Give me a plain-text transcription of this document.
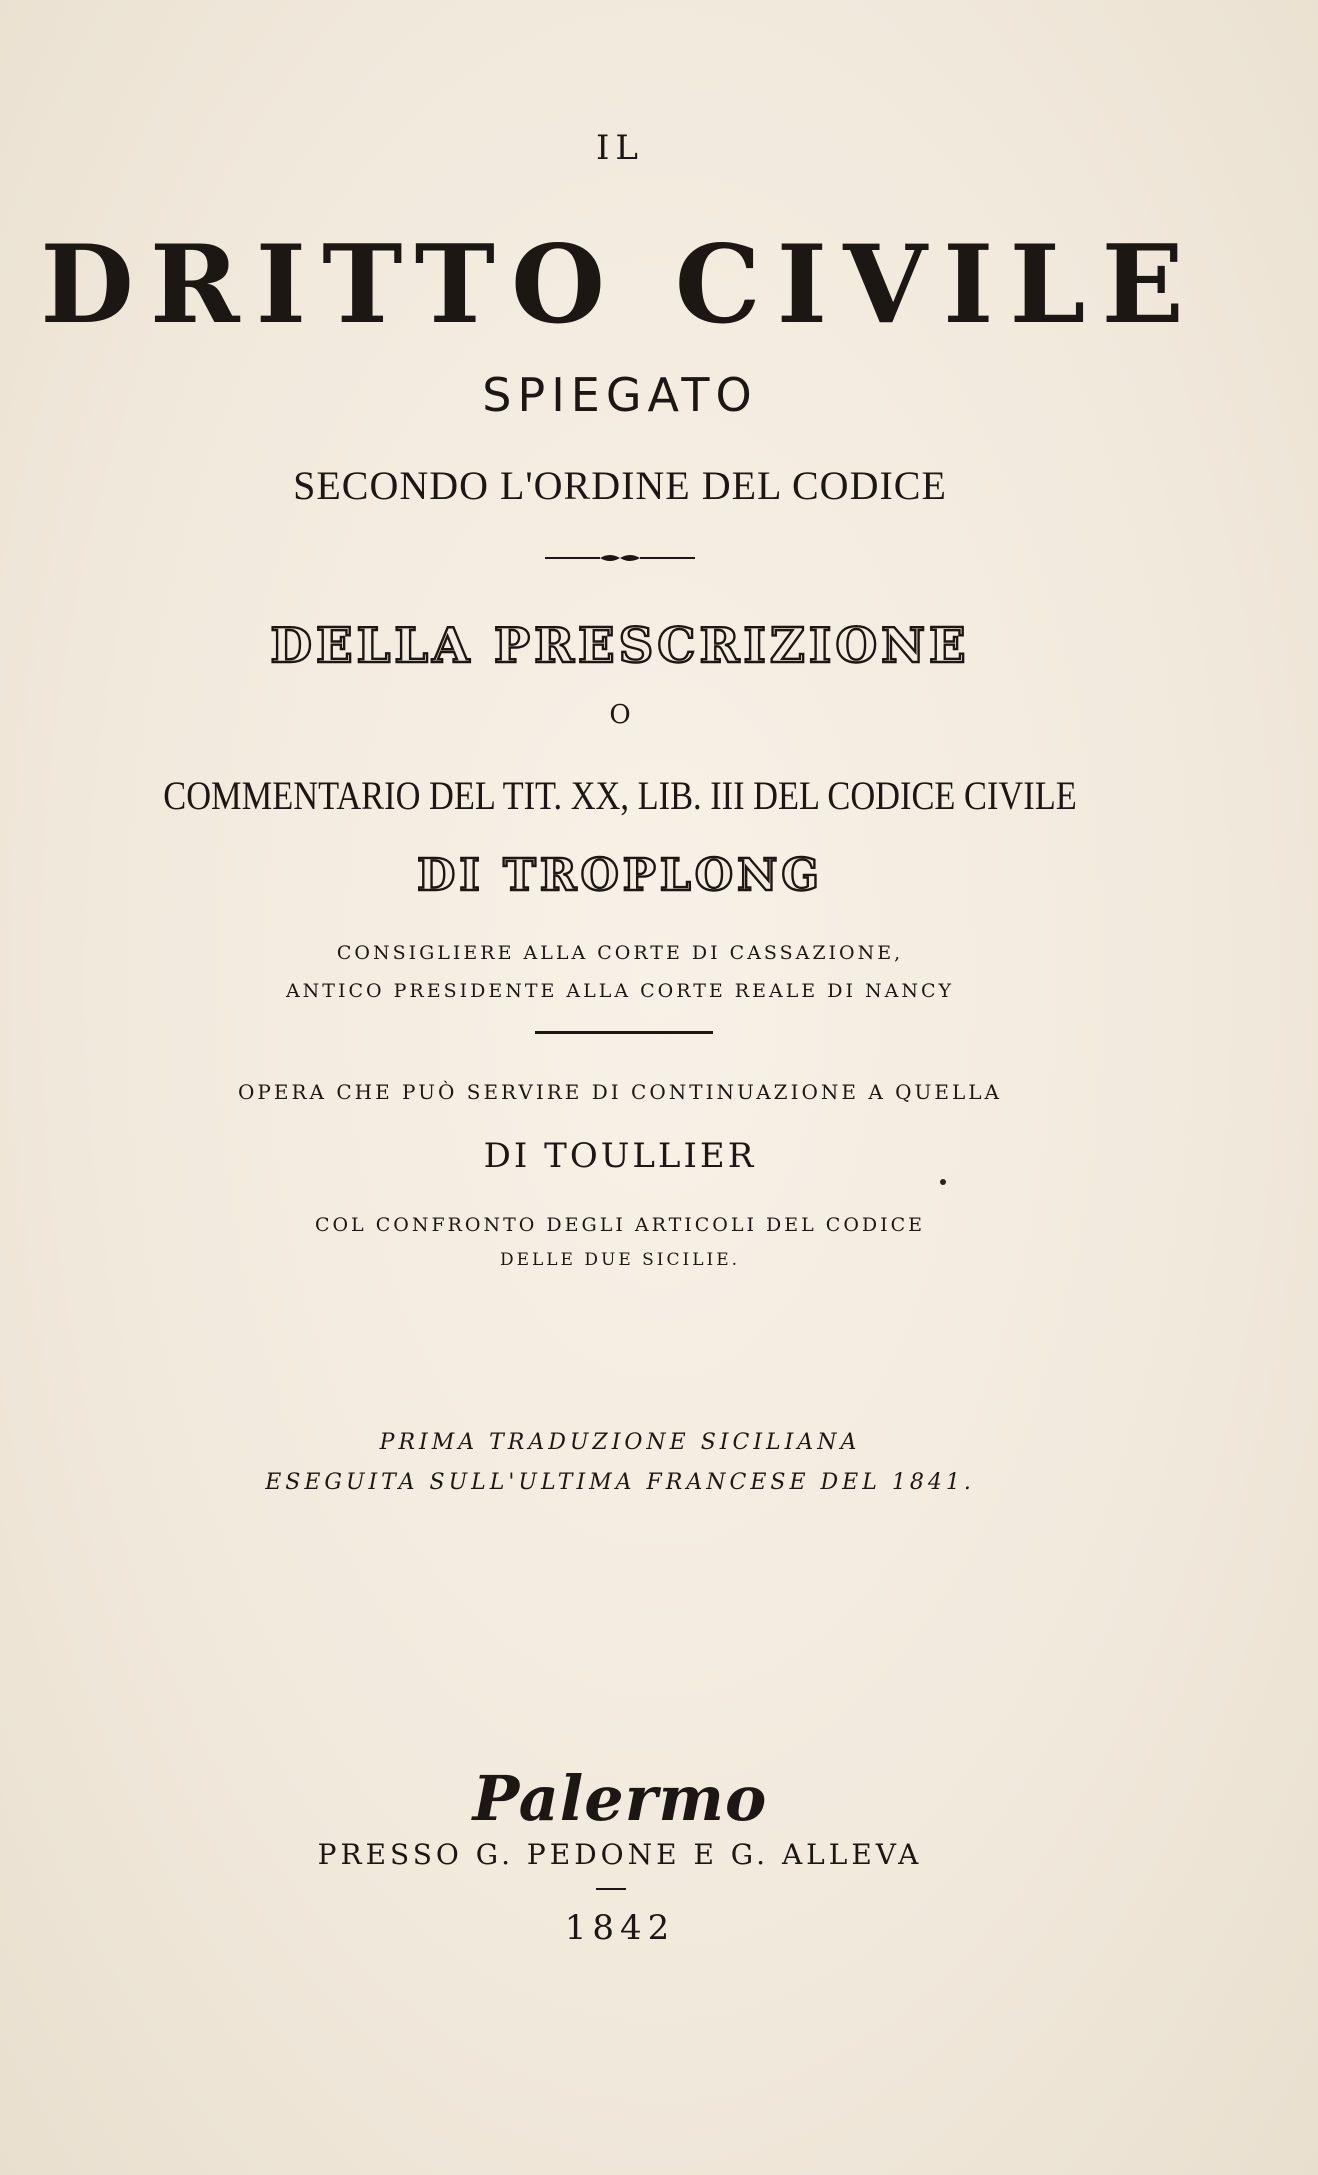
IL

DRITTO CIVILE

SPIEGATO

SECONDO L'ORDINE DEL CODICE

DELLA PRESCRIZIONE

O

COMMENTARIO DEL TIT. XX, LIB. III DEL CODICE CIVILE

DI TROPLONG

CONSIGLIERE ALLA CORTE DI CASSAZIONE,

ANTICO PRESIDENTE ALLA CORTE REALE DI NANCY

OPERA CHE PUÒ SERVIRE DI CONTINUAZIONE A QUELLA

DI TOULLIER

COL CONFRONTO DEGLI ARTICOLI DEL CODICE

DELLE DUE SICILIE.

PRIMA TRADUZIONE SICILIANA

ESEGUITA SULL'ULTIMA FRANCESE DEL 1841.

Palermo

PRESSO G. PEDONE E G. ALLEVA

1842
